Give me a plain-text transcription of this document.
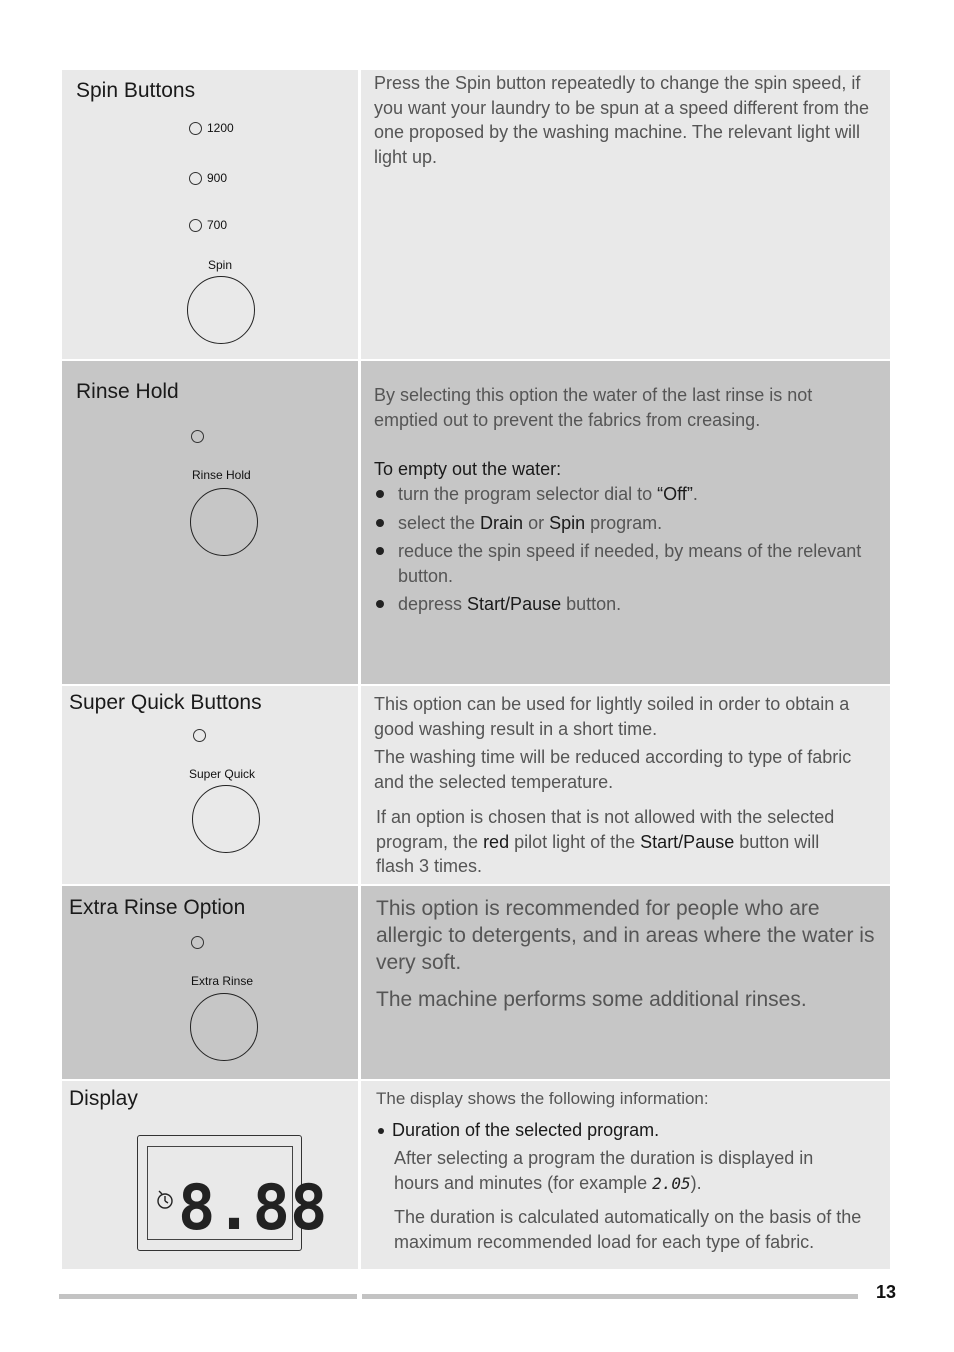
Spin Buttons
1200
900
700
Spin

Press the Spin button repeatedly to change the spin speed, if you want your laundry to be spun at a speed different from the one proposed by the washing machine. The relevant light will light up.

Rinse Hold
Rinse Hold

By selecting this option the water of the last rinse is not emptied out to prevent the fabrics from creasing.

To empty out the water:
turn the program selector dial to “Off”.
select the Drain or Spin program.
reduce the spin speed if needed, by means of the relevant button.
depress Start/Pause button.
Super Quick Buttons
Super Quick

This option can be used for lightly soiled in order to obtain a good washing result in a short time.

The washing time will be reduced according to type of fabric and the selected temperature.

If an option is chosen that is not allowed with the selected program, the red pilot light of the Start/Pause button will flash 3 times.

Extra Rinse Option
Extra Rinse

This option is recommended for people who are allergic to detergents, and in areas where the water is very soft.

The machine performs some additional rinses.

Display
8.88

The display shows the following information:

Duration of the selected program.

After selecting a program the duration is displayed in hours and minutes (for example 2.05).

The duration is calculated automatically on the basis of the maximum recommended load for each type of fabric.

13
